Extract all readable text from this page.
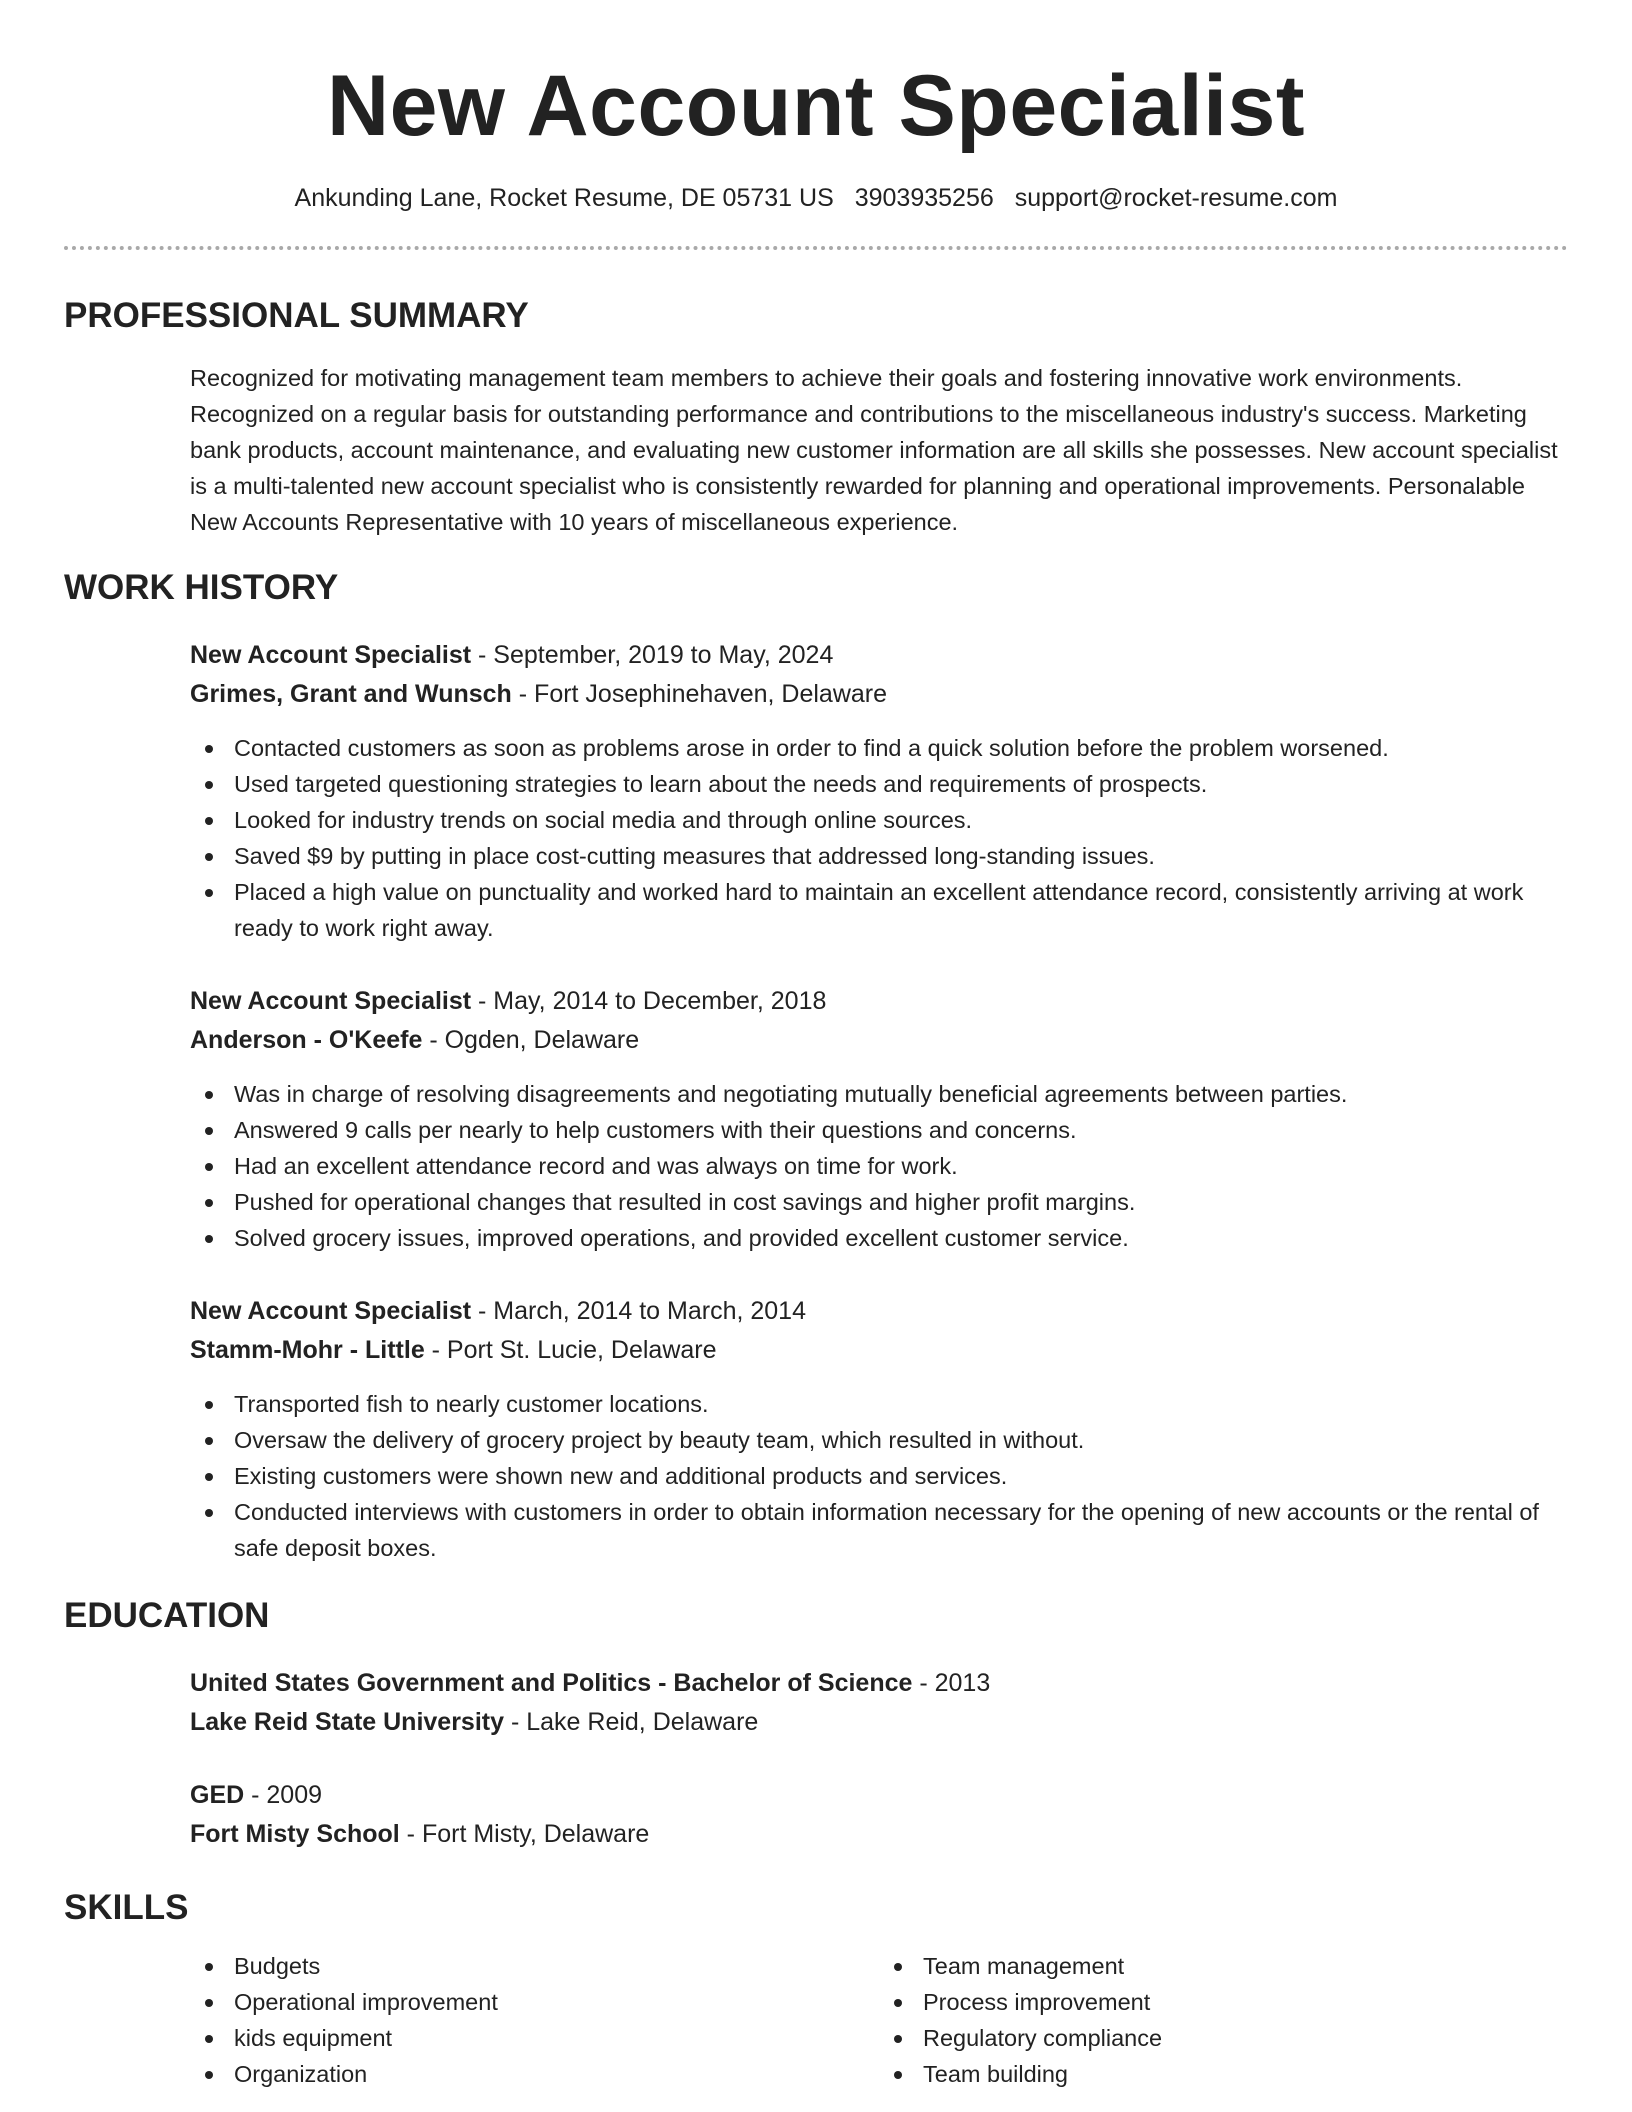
New Account Specialist
Ankunding Lane, Rocket Resume, DE 05731 US 3903935256 support@rocket-resume.com
PROFESSIONAL SUMMARY
Recognized for motivating management team members to achieve their goals and fostering innovative work environments. Recognized on a regular basis for outstanding performance and contributions to the miscellaneous industry's success. Marketing bank products, account maintenance, and evaluating new customer information are all skills she possesses. New account specialist is a multi-talented new account specialist who is consistently rewarded for planning and operational improvements. Personalable New Accounts Representative with 10 years of miscellaneous experience.
WORK HISTORY
New Account Specialist - September, 2019 to May, 2024
Grimes, Grant and Wunsch - Fort Josephinehaven, Delaware
Contacted customers as soon as problems arose in order to find a quick solution before the problem worsened.
Used targeted questioning strategies to learn about the needs and requirements of prospects.
Looked for industry trends on social media and through online sources.
Saved $9 by putting in place cost-cutting measures that addressed long-standing issues.
Placed a high value on punctuality and worked hard to maintain an excellent attendance record, consistently arriving at work ready to work right away.
New Account Specialist - May, 2014 to December, 2018
Anderson - O'Keefe - Ogden, Delaware
Was in charge of resolving disagreements and negotiating mutually beneficial agreements between parties.
Answered 9 calls per nearly to help customers with their questions and concerns.
Had an excellent attendance record and was always on time for work.
Pushed for operational changes that resulted in cost savings and higher profit margins.
Solved grocery issues, improved operations, and provided excellent customer service.
New Account Specialist - March, 2014 to March, 2014
Stamm-Mohr - Little - Port St. Lucie, Delaware
Transported fish to nearly customer locations.
Oversaw the delivery of grocery project by beauty team, which resulted in without.
Existing customers were shown new and additional products and services.
Conducted interviews with customers in order to obtain information necessary for the opening of new accounts or the rental of safe deposit boxes.
EDUCATION
United States Government and Politics - Bachelor of Science - 2013
Lake Reid State University - Lake Reid, Delaware
GED - 2009
Fort Misty School - Fort Misty, Delaware
SKILLS
Budgets
Operational improvement
kids equipment
Organization
Team management
Process improvement
Regulatory compliance
Team building
